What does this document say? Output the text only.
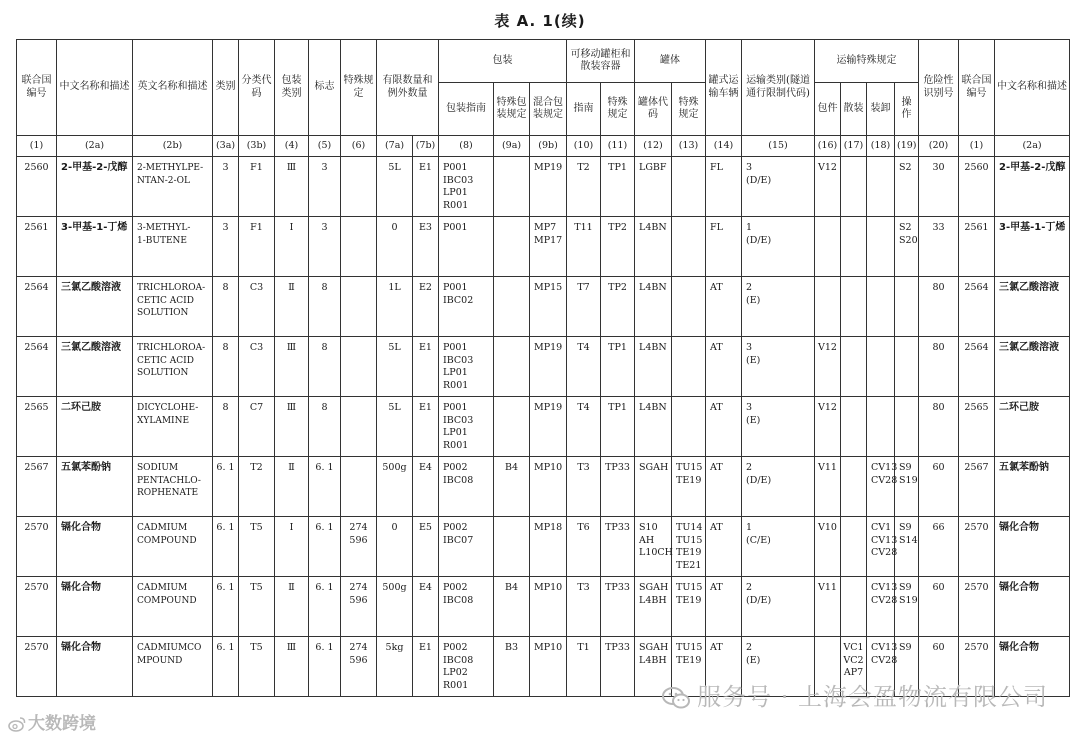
表 A. 1(续)
联合国编号	中文名称和描述	英文名称和描述	类别	分类代码	包装类别	标志	特殊规定	有限数量和例外数量		包装			可移动罐柜和散装容器		罐体		罐式运输车辆	运输类别(隧道通行限制代码)	运输特殊规定				危险性识别号	联合国编号	中文名称和描述
										包装指南	特殊包装规定	混合包装规定	指南	特殊规定	罐体代码	特殊规定			包件	散装	装卸	操作			
(1)	(2a)	(2b)	(3a)	(3b)	(4)	(5)	(6)	(7a)	(7b)	(8)	(9a)	(9b)	(10)	(11)	(12)	(13)	(14)	(15)	(16)	(17)	(18)	(19)	(20)	(1)	(2a)
2560	2-甲基-2-戊醇	2-METHYLPE-
NTAN-2-OL	3	F1	Ⅲ	3		5L	E1	P001
IBC03
LP01
R001		MP19	T2	TP1	LGBF		FL	3
(D/E)	V12			S2	30	2560	2-甲基-2-戊醇
2561	3-甲基-1-丁烯	3-METHYL-
1-BUTENE	3	F1	Ⅰ	3		0	E3	P001		MP7
MP17	T11	TP2	L4BN		FL	1
(D/E)				S2
S20	33	2561	3-甲基-1-丁烯
2564	三氯乙酸溶液	TRICHLOROA-
CETIC ACID
SOLUTION	8	C3	Ⅱ	8		1L	E2	P001
IBC02		MP15	T7	TP2	L4BN		AT	2
(E)					80	2564	三氯乙酸溶液
2564	三氯乙酸溶液	TRICHLOROA-
CETIC ACID
SOLUTION	8	C3	Ⅲ	8		5L	E1	P001
IBC03
LP01
R001		MP19	T4	TP1	L4BN		AT	3
(E)	V12				80	2564	三氯乙酸溶液
2565	二环己胺	DICYCLOHE-
XYLAMINE	8	C7	Ⅲ	8		5L	E1	P001
IBC03
LP01
R001		MP19	T4	TP1	L4BN		AT	3
(E)	V12				80	2565	二环己胺
2567	五氯苯酚钠	SODIUM
PENTACHLO-
ROPHENATE	6. 1	T2	Ⅱ	6. 1		500g	E4	P002
IBC08	B4	MP10	T3	TP33	SGAH	TU15
TE19	AT	2
(D/E)	V11		CV13
CV28	S9
S19	60	2567	五氯苯酚钠
2570	镉化合物	CADMIUM
COMPOUND	6. 1	T5	Ⅰ	6. 1	274
596	0	E5	P002
IBC07		MP18	T6	TP33	S10 AH
L10CH	TU14
TU15
TE19
TE21	AT	1
(C/E)	V10		CV1
CV13
CV28	S9
S14	66	2570	镉化合物
2570	镉化合物	CADMIUM
COMPOUND	6. 1	T5	Ⅱ	6. 1	274
596	500g	E4	P002
IBC08	B4	MP10	T3	TP33	SGAH
L4BH	TU15
TE19	AT	2
(D/E)	V11		CV13
CV28	S9
S19	60	2570	镉化合物
2570	镉化合物	CADMIUMCO
MPOUND	6. 1	T5	Ⅲ	6. 1	274
596	5kg	E1	P002
IBC08
LP02
R001	B3	MP10	T1	TP33	SGAH
L4BH	TU15
TE19	AT	2
(E)		VC1
VC2
AP7	CV13
CV28	S9	60	2570	镉化合物
服务号 · 上海会盈物流有限公司
大数跨境
